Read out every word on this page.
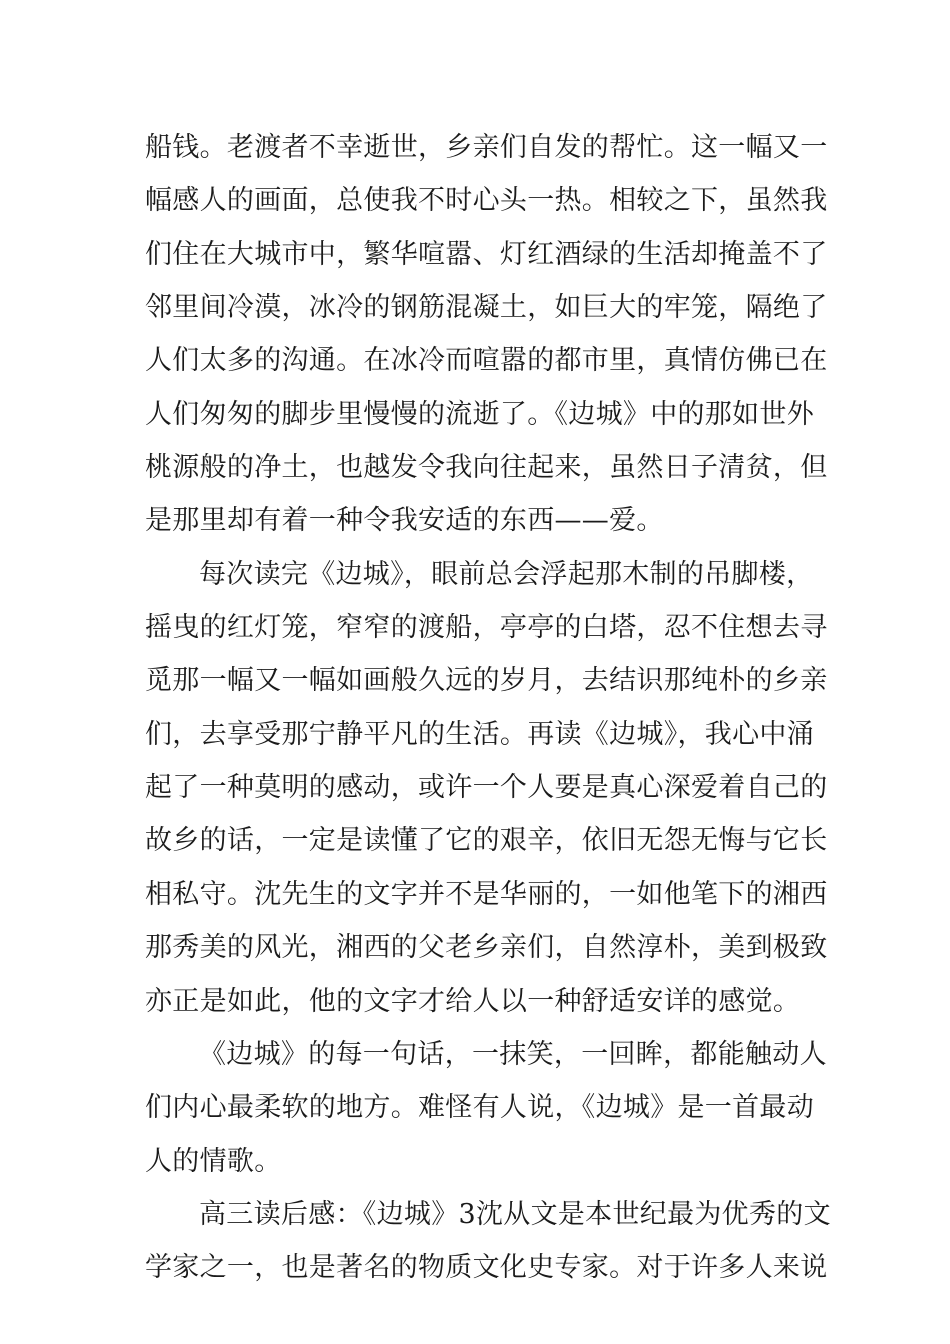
船钱。老渡者不幸逝世，乡亲们自发的帮忙。这一幅又一
幅感人的画面，总使我不时心头一热。相较之下，虽然我
们住在大城市中，繁华喧嚣、灯红酒绿的生活却掩盖不了
邻里间冷漠，冰冷的钢筋混凝土，如巨大的牢笼，隔绝了
人们太多的沟通。在冰冷而喧嚣的都市里，真情仿佛已在
人们匆匆的脚步里慢慢的流逝了。《边城》中的那如世外
桃源般的净土，也越发令我向往起来，虽然日子清贫，但
是那里却有着一种令我安适的东西——爱。
每次读完《边城》，眼前总会浮起那木制的吊脚楼，
摇曳的红灯笼，窄窄的渡船，亭亭的白塔，忍不住想去寻
觅那一幅又一幅如画般久远的岁月，去结识那纯朴的乡亲
们，去享受那宁静平凡的生活。再读《边城》，我心中涌
起了一种莫明的感动，或许一个人要是真心深爱着自己的
故乡的话，一定是读懂了它的艰辛，依旧无怨无悔与它长
相私守。沈先生的文字并不是华丽的，一如他笔下的湘西
那秀美的风光，湘西的父老乡亲们，自然淳朴，美到极致
亦正是如此，他的文字才给人以一种舒适安详的感觉。
《边城》的每一句话，一抹笑，一回眸，都能触动人
们内心最柔软的地方。难怪有人说，《边城》是一首最动
人的情歌。
高三读后感：《边城》3沈从文是本世纪最为优秀的文
学家之一，也是著名的物质文化史专家。对于许多人来说
